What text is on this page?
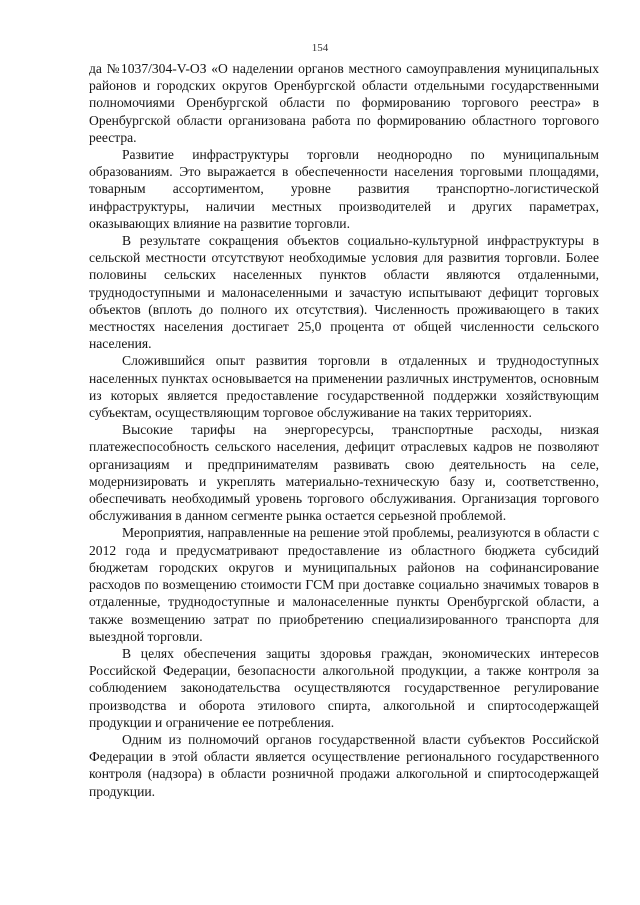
154

да №1037/304-V-ОЗ «О наделении органов местного самоуправления муниципальных районов и городских округов Оренбургской области отдельными государственными полномочиями Оренбургской области по формированию торгового реестра» в Оренбургской области организована работа по формированию областного торгового реестра.

Развитие инфраструктуры торговли неоднородно по муниципальным образованиям. Это выражается в обеспеченности населения торговыми площадями, товарным ассортиментом, уровне развития транспортно-логистической инфраструктуры, наличии местных производителей и других параметрах, оказывающих влияние на развитие торговли.

В результате сокращения объектов социально-культурной инфраструктуры в сельской местности отсутствуют необходимые условия для развития торговли. Более половины сельских населенных пунктов области являются отдаленными, труднодоступными и малонаселенными и зачастую испытывают дефицит торговых объектов (вплоть до полного их отсутствия). Численность проживающего в таких местностях населения достигает 25,0 процента от общей численности сельского населения.

Сложившийся опыт развития торговли в отдаленных и труднодоступных населенных пунктах основывается на применении различных инструментов, основным из которых является предоставление государственной поддержки хозяйствующим субъектам, осуществляющим торговое обслуживание на таких территориях.

Высокие тарифы на энергоресурсы, транспортные расходы, низкая платежеспособность сельского населения, дефицит отраслевых кадров не позволяют организациям и предпринимателям развивать свою деятельность на селе, модернизировать и укреплять материально-техническую базу и, соответственно, обеспечивать необходимый уровень торгового обслуживания. Организация торгового обслуживания в данном сегменте рынка остается серьезной проблемой.

Мероприятия, направленные на решение этой проблемы, реализуются в области с 2012 года и предусматривают предоставление из областного бюджета субсидий бюджетам городских округов и муниципальных районов на софинансирование расходов по возмещению стоимости ГСМ при доставке социально значимых товаров в отдаленные, труднодоступные и малонаселенные пункты Оренбургской области, а также возмещению затрат по приобретению специализированного транспорта для выездной торговли.

В целях обеспечения защиты здоровья граждан, экономических интересов Российской Федерации, безопасности алкогольной продукции, а также контроля за соблюдением законодательства осуществляются государственное регулирование производства и оборота этилового спирта, алкогольной и спиртосодержащей продукции и ограничение ее потребления.

Одним из полномочий органов государственной власти субъектов Российской Федерации в этой области является осуществление регионального государственного контроля (надзора) в области розничной продажи алкогольной и спиртосодержащей продукции.
